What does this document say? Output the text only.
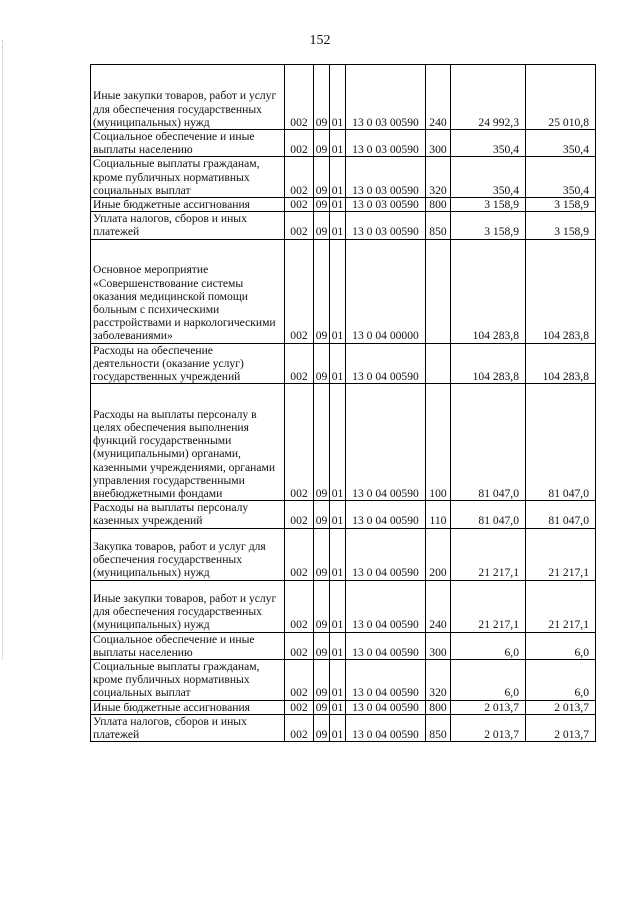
152
Иные закупки товаров, работ и услуг для обеспечения государственных (муниципальных) нужд	002	09	01	13 0 03 00590	240	24 992,3	25 010,8
Социальное обеспечение и иные выплаты населению	002	09	01	13 0 03 00590	300	350,4	350,4
Социальные выплаты гражданам, кроме публичных нормативных социальных выплат	002	09	01	13 0 03 00590	320	350,4	350,4
Иные бюджетные ассигнования	002	09	01	13 0 03 00590	800	3 158,9	3 158,9
Уплата налогов, сборов и иных платежей	002	09	01	13 0 03 00590	850	3 158,9	3 158,9
Основное мероприятие «Совершенствование системы оказания медицинской помощи больным с психическими расстройствами и наркологическими заболеваниями»	002	09	01	13 0 04 00000		104 283,8	104 283,8
Расходы на обеспечение деятельности (оказание услуг) государственных учреждений	002	09	01	13 0 04 00590		104 283,8	104 283,8
Расходы на выплаты персоналу в целях обеспечения выполнения функций государственными (муниципальными) органами, казенными учреждениями, органами управления государственными внебюджетными фондами	002	09	01	13 0 04 00590	100	81 047,0	81 047,0
Расходы на выплаты персоналу казенных учреждений	002	09	01	13 0 04 00590	110	81 047,0	81 047,0
Закупка товаров, работ и услуг для обеспечения государственных (муниципальных) нужд	002	09	01	13 0 04 00590	200	21 217,1	21 217,1
Иные закупки товаров, работ и услуг для обеспечения государственных (муниципальных) нужд	002	09	01	13 0 04 00590	240	21 217,1	21 217,1
Социальное обеспечение и иные выплаты населению	002	09	01	13 0 04 00590	300	6,0	6,0
Социальные выплаты гражданам, кроме публичных нормативных социальных выплат	002	09	01	13 0 04 00590	320	6,0	6,0
Иные бюджетные ассигнования	002	09	01	13 0 04 00590	800	2 013,7	2 013,7
Уплата налогов, сборов и иных платежей	002	09	01	13 0 04 00590	850	2 013,7	2 013,7
